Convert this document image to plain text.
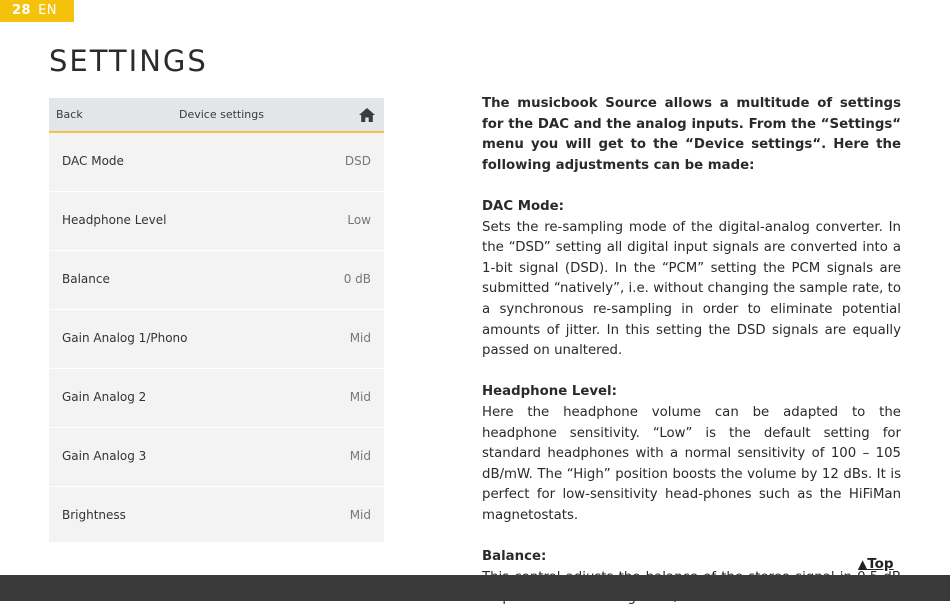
28 EN
SETTINGS
Back	Device settings
DAC Mode	DSD
Headphone Level	Low
Balance	0 dB
Gain Analog 1/Phono	Mid
Gain Analog 2	Mid
Gain Analog 3	Mid
Brightness	Mid

The musicbook Source allows a multitude of settings for the DAC and the analog inputs. From the “Settings“ menu you will get to the “Device settings“. Here the following adjustments can be made:

DAC Mode:

Sets the re-sampling mode of the digital-analog converter. In the “DSD” setting all digital input signals are converted into a 1-bit signal (DSD). In the “PCM” setting the PCM signals are submitted “natively”, i.e. without changing the sample rate, to a synchronous re-sampling in order to eliminate potential amounts of jitter. In this setting the DSD signals are equally passed on unaltered.

Headphone Level:

Here the headphone volume can be adapted to the headphone sensitivity. “Low” is the default setting for standard headphones with a normal sensitivity of 100 – 105 dB/mW. The “High” position boosts the volume by 12 dBs. It is perfect for low-sensitivity head-phones such as the HiFiMan magnetostats.

Balance:	▲Top
